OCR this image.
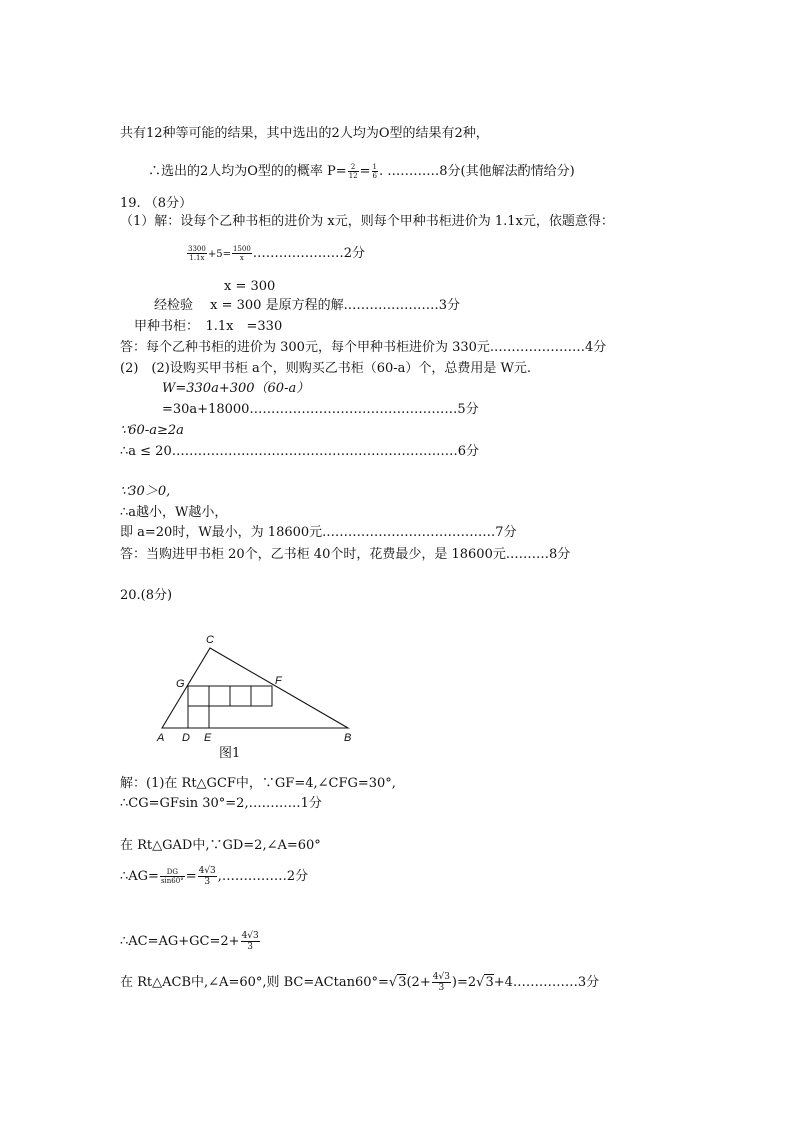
共有12种等可能的结果，其中选出的2人均为O型的结果有2种，
∴选出的2人均为O型的的概率 $P= \frac{2}{12} = \frac{1}{6}$ . …………8分(其他解法酌情给分)
19. （8分）
（1）解：设每个乙种书柜的进价为 x元，则每个甲种书柜进价为 1.1x元，依题意得：
$\frac{3300}{1.1x} +5= \frac{1500}{x}$ …………………2分
x = 300
经检验　 x = 300 是原方程的解.…………………3分
甲种书柜：　1.1x　=330
答：每个乙种书柜的进价为 300元，每个甲种书柜进价为 330元.…………………4分
(2)　(2)设购买甲书柜 a个，则购买乙书柜（60-a）个，总费用是 W元.
W=330a+300（60-a）
=30a+18000…………………………………………5分
∵60-a≥2a
∴a ≤ 20…………………………………………………………6分
∵30＞0,
∴a越小，W越小，
即 a=20时，W最小，为 18600元.…………………………………7分
答：当购进甲书柜 20个，乙书柜 40个时，花费最少，是 18600元.………8分
20.(8分)
C
G	F
A D E	B
图1
解：(1)在 Rt△GCF中，∵GF=4,∠CFG=30°,
∴CG=GFsin 30°=2,…………1分
在 Rt△GAD中,∵GD=2,∠A=60°
∴AG= $\frac{DG}{\sin 60^\circ} = \frac{4√3}{3}$ ,……………2分
∴AC=AG+GC=2+ $\frac{4√3}{3}$
在 Rt△ACB中,∠A=60°,则 $BC=ACtan60^\circ=√3(2+ \frac{4√3}{3}$ )=2√3+4……………3分
